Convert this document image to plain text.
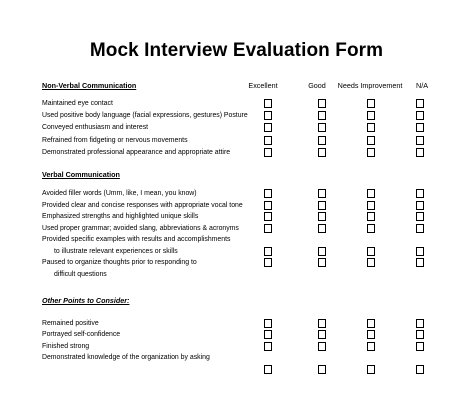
Mock Interview Evaluation Form
Excellent	Good Needs Improvement N/A
Non-Verbal Communication
Maintained eye contact
Used positive body language (facial expressions, gestures) Posture
Conveyed enthusiasm and interest
Refrained from fidgeting or nervous movements
Demonstrated professional appearance and appropriate attire
Verbal Communication
Avoided filler words (Umm, like, I mean, you know)
Provided clear and concise responses with appropriate vocal tone
Emphasized strengths and highlighted unique skills
Used proper grammar; avoided slang, abbreviations & acronyms
Provided specific examples with results and accomplishments
to illustrate relevant experiences or skills
Paused to organize thoughts prior to responding to
difficult questions
Other Points to Consider:
Remained positive
Portrayed self-confidence
Finished strong
Demonstrated knowledge of the organization by asking
